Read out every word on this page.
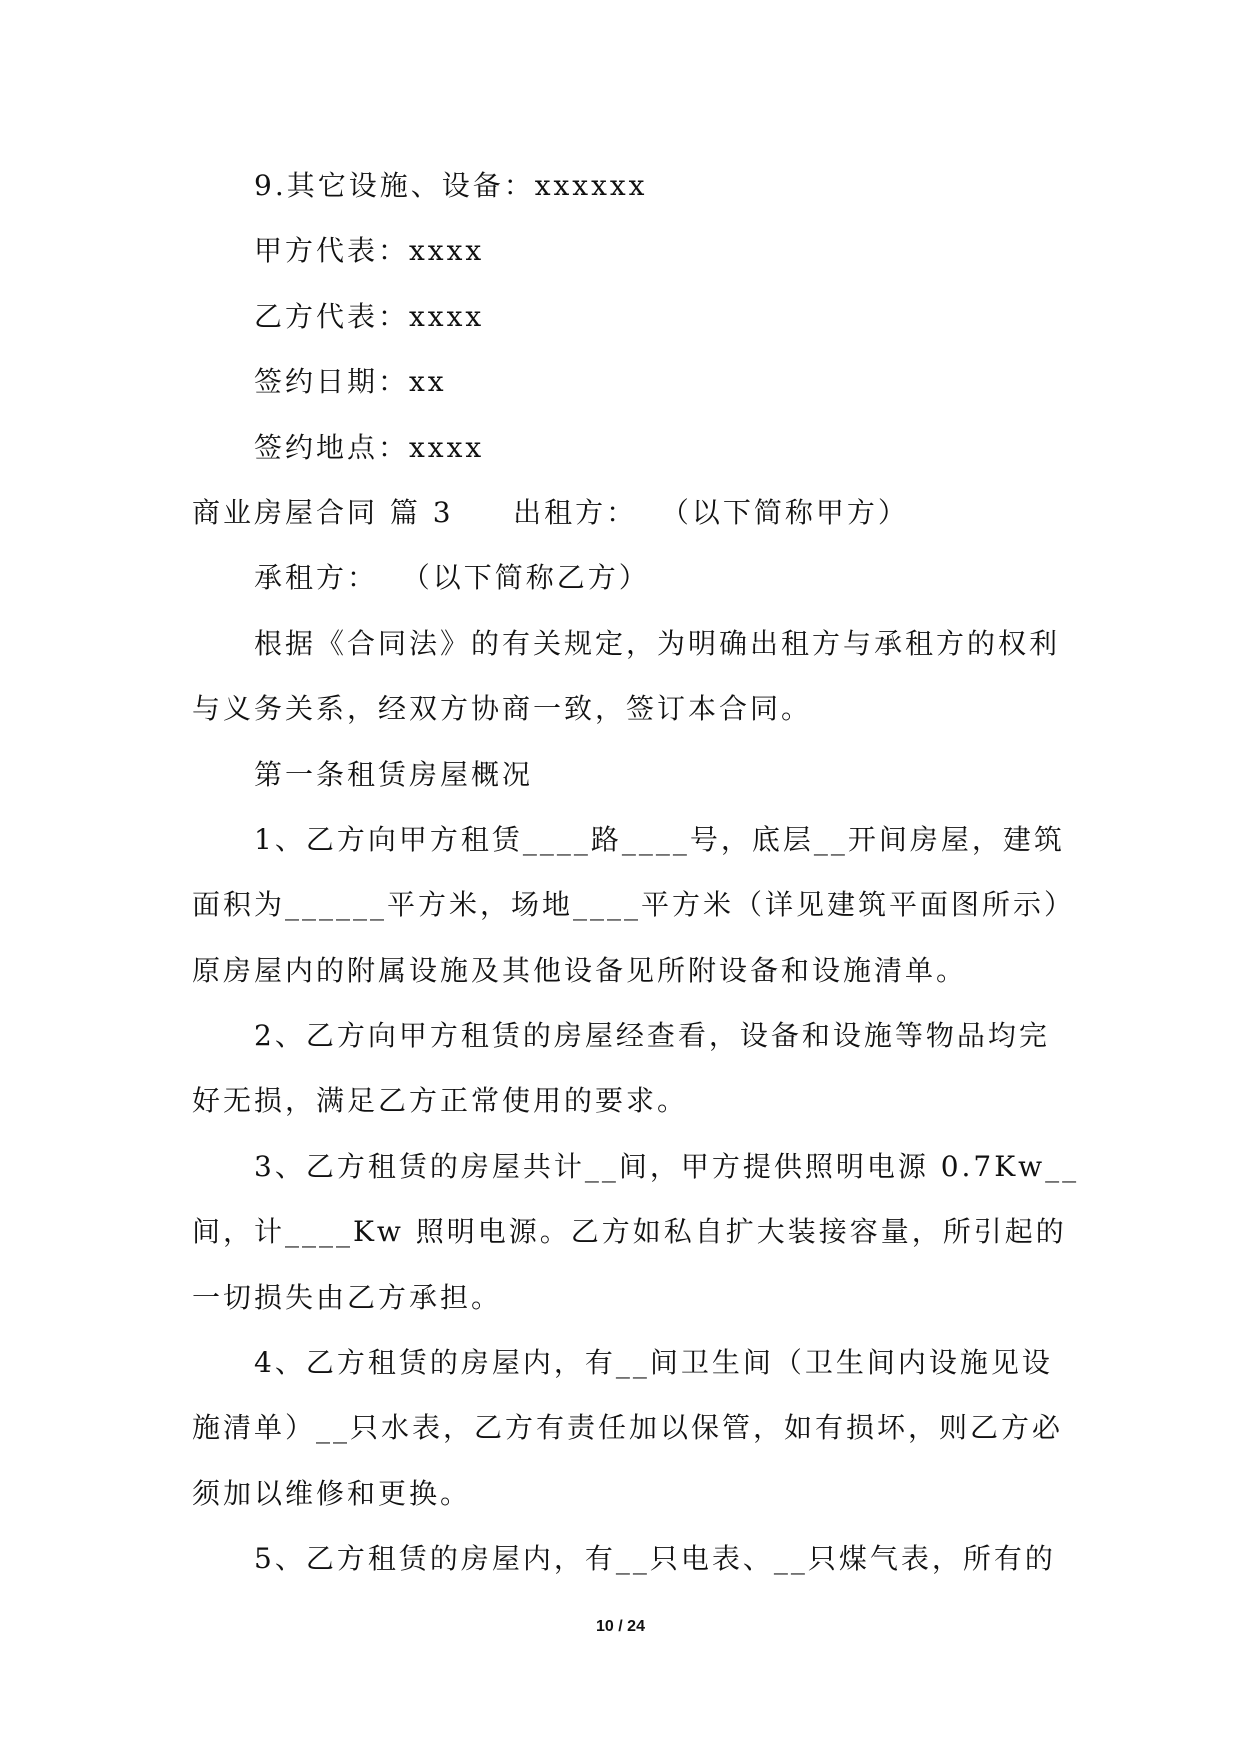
9.其它设施、设备：xxxxxx
甲方代表：xxxx
乙方代表：xxxx
签约日期：xx
签约地点：xxxx
商业房屋合同 篇 3     出租方：  （以下简称甲方）
承租方：  （以下简称乙方）
根据《合同法》的有关规定，为明确出租方与承租方的权利
与义务关系，经双方协商一致，签订本合同。
第一条租赁房屋概况
1、乙方向甲方租赁____路____号，底层__开间房屋，建筑
面积为______平方米，场地____平方米（详见建筑平面图所示）
原房屋内的附属设施及其他设备见所附设备和设施清单。
2、乙方向甲方租赁的房屋经查看，设备和设施等物品均完
好无损，满足乙方正常使用的要求。
3、乙方租赁的房屋共计__间，甲方提供照明电源 0.7Kw__
间，计____Kw 照明电源。乙方如私自扩大装接容量，所引起的
一切损失由乙方承担。
4、乙方租赁的房屋内，有__间卫生间（卫生间内设施见设
施清单）__只水表，乙方有责任加以保管，如有损坏，则乙方必
须加以维修和更换。
5、乙方租赁的房屋内，有__只电表、__只煤气表，所有的
10 / 24
